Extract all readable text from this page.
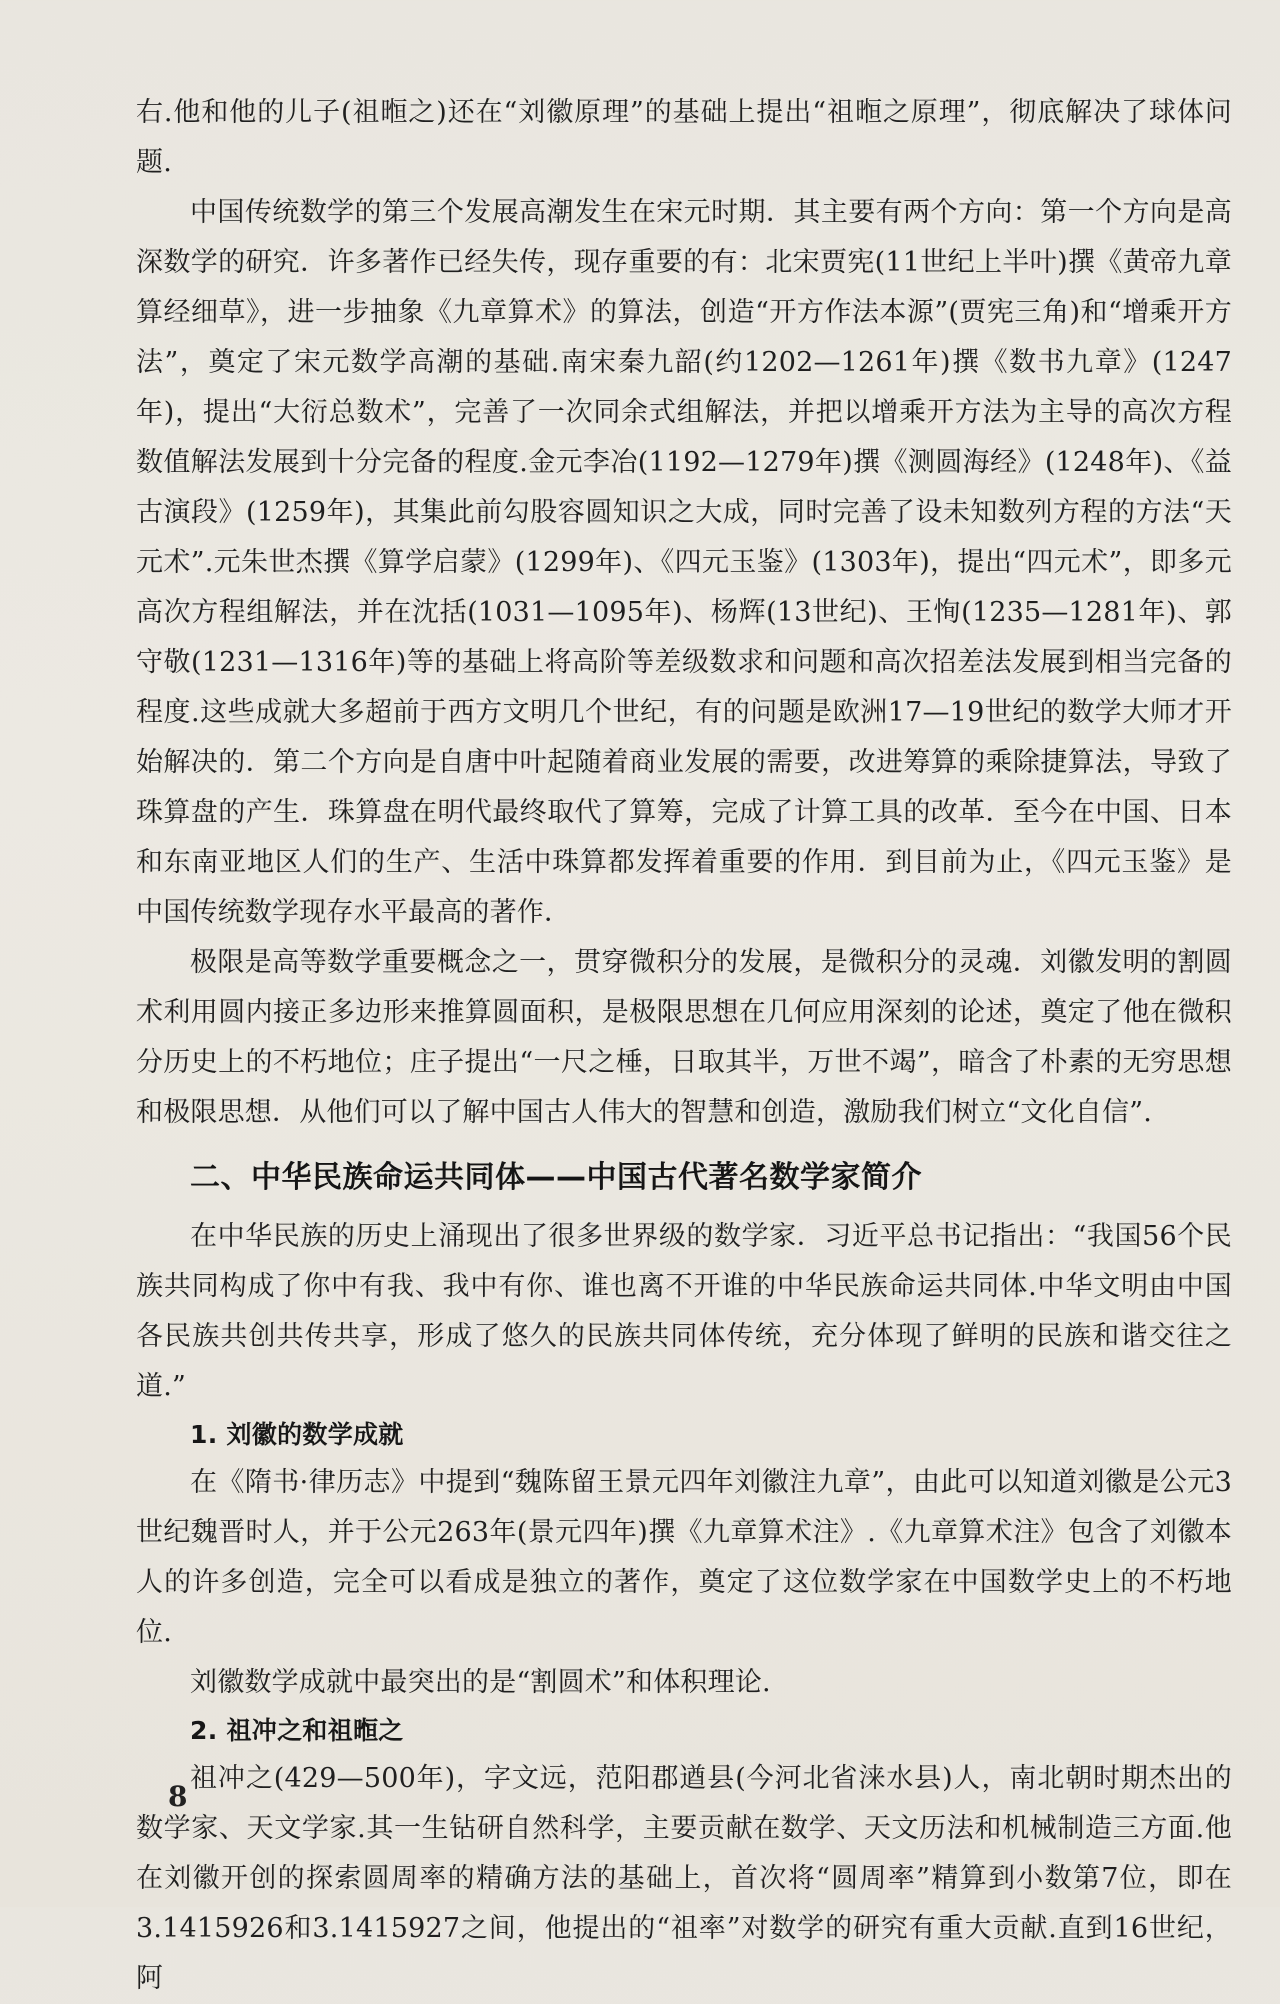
右.他和他的儿子(祖暅之)还在“刘徽原理”的基础上提出“祖暅之原理”，彻底解决了球体问题.

中国传统数学的第三个发展高潮发生在宋元时期．其主要有两个方向：第一个方向是高深数学的研究．许多著作已经失传，现存重要的有：北宋贾宪(11世纪上半叶)撰《黄帝九章算经细草》，进一步抽象《九章算术》的算法，创造“开方作法本源”(贾宪三角)和“增乘开方法”，奠定了宋元数学高潮的基础.南宋秦九韶(约1202—1261年)撰《数书九章》(1247年)，提出“大衍总数术”，完善了一次同余式组解法，并把以增乘开方法为主导的高次方程数值解法发展到十分完备的程度.金元李冶(1192—1279年)撰《测圆海经》(1248年)、《益古演段》(1259年)，其集此前勾股容圆知识之大成，同时完善了设未知数列方程的方法“天元术”.元朱世杰撰《算学启蒙》(1299年)、《四元玉鉴》(1303年)，提出“四元术”，即多元高次方程组解法，并在沈括(1031—1095年)、杨辉(13世纪)、王恂(1235—1281年)、郭守敬(1231—1316年)等的基础上将高阶等差级数求和问题和高次招差法发展到相当完备的程度.这些成就大多超前于西方文明几个世纪，有的问题是欧洲17—19世纪的数学大师才开始解决的．第二个方向是自唐中叶起随着商业发展的需要，改进筹算的乘除捷算法，导致了珠算盘的产生．珠算盘在明代最终取代了算筹，完成了计算工具的改革．至今在中国、日本和东南亚地区人们的生产、生活中珠算都发挥着重要的作用．到目前为止，《四元玉鉴》是中国传统数学现存水平最高的著作．

极限是高等数学重要概念之一，贯穿微积分的发展，是微积分的灵魂．刘徽发明的割圆术利用圆内接正多边形来推算圆面积，是极限思想在几何应用深刻的论述，奠定了他在微积分历史上的不朽地位；庄子提出“一尺之棰，日取其半，万世不竭”，暗含了朴素的无穷思想和极限思想．从他们可以了解中国古人伟大的智慧和创造，激励我们树立“文化自信”.

二、中华民族命运共同体——中国古代著名数学家简介

在中华民族的历史上涌现出了很多世界级的数学家．习近平总书记指出：“我国56个民族共同构成了你中有我、我中有你、谁也离不开谁的中华民族命运共同体.中华文明由中国各民族共创共传共享，形成了悠久的民族共同体传统，充分体现了鲜明的民族和谐交往之道.”

1. 刘徽的数学成就

在《隋书·律历志》中提到“魏陈留王景元四年刘徽注九章”，由此可以知道刘徽是公元3世纪魏晋时人，并于公元263年(景元四年)撰《九章算术注》.《九章算术注》包含了刘徽本人的许多创造，完全可以看成是独立的著作，奠定了这位数学家在中国数学史上的不朽地位.

刘徽数学成就中最突出的是“割圆术”和体积理论.

2. 祖冲之和祖暅之

祖冲之(429—500年)，字文远，范阳郡遒县(今河北省涞水县)人，南北朝时期杰出的数学家、天文学家.其一生钻研自然科学，主要贡献在数学、天文历法和机械制造三方面.他在刘徽开创的探索圆周率的精确方法的基础上，首次将“圆周率”精算到小数第7位，即在3.1415926和3.1415927之间，他提出的“祖率”对数学的研究有重大贡献.直到16世纪，阿

8
